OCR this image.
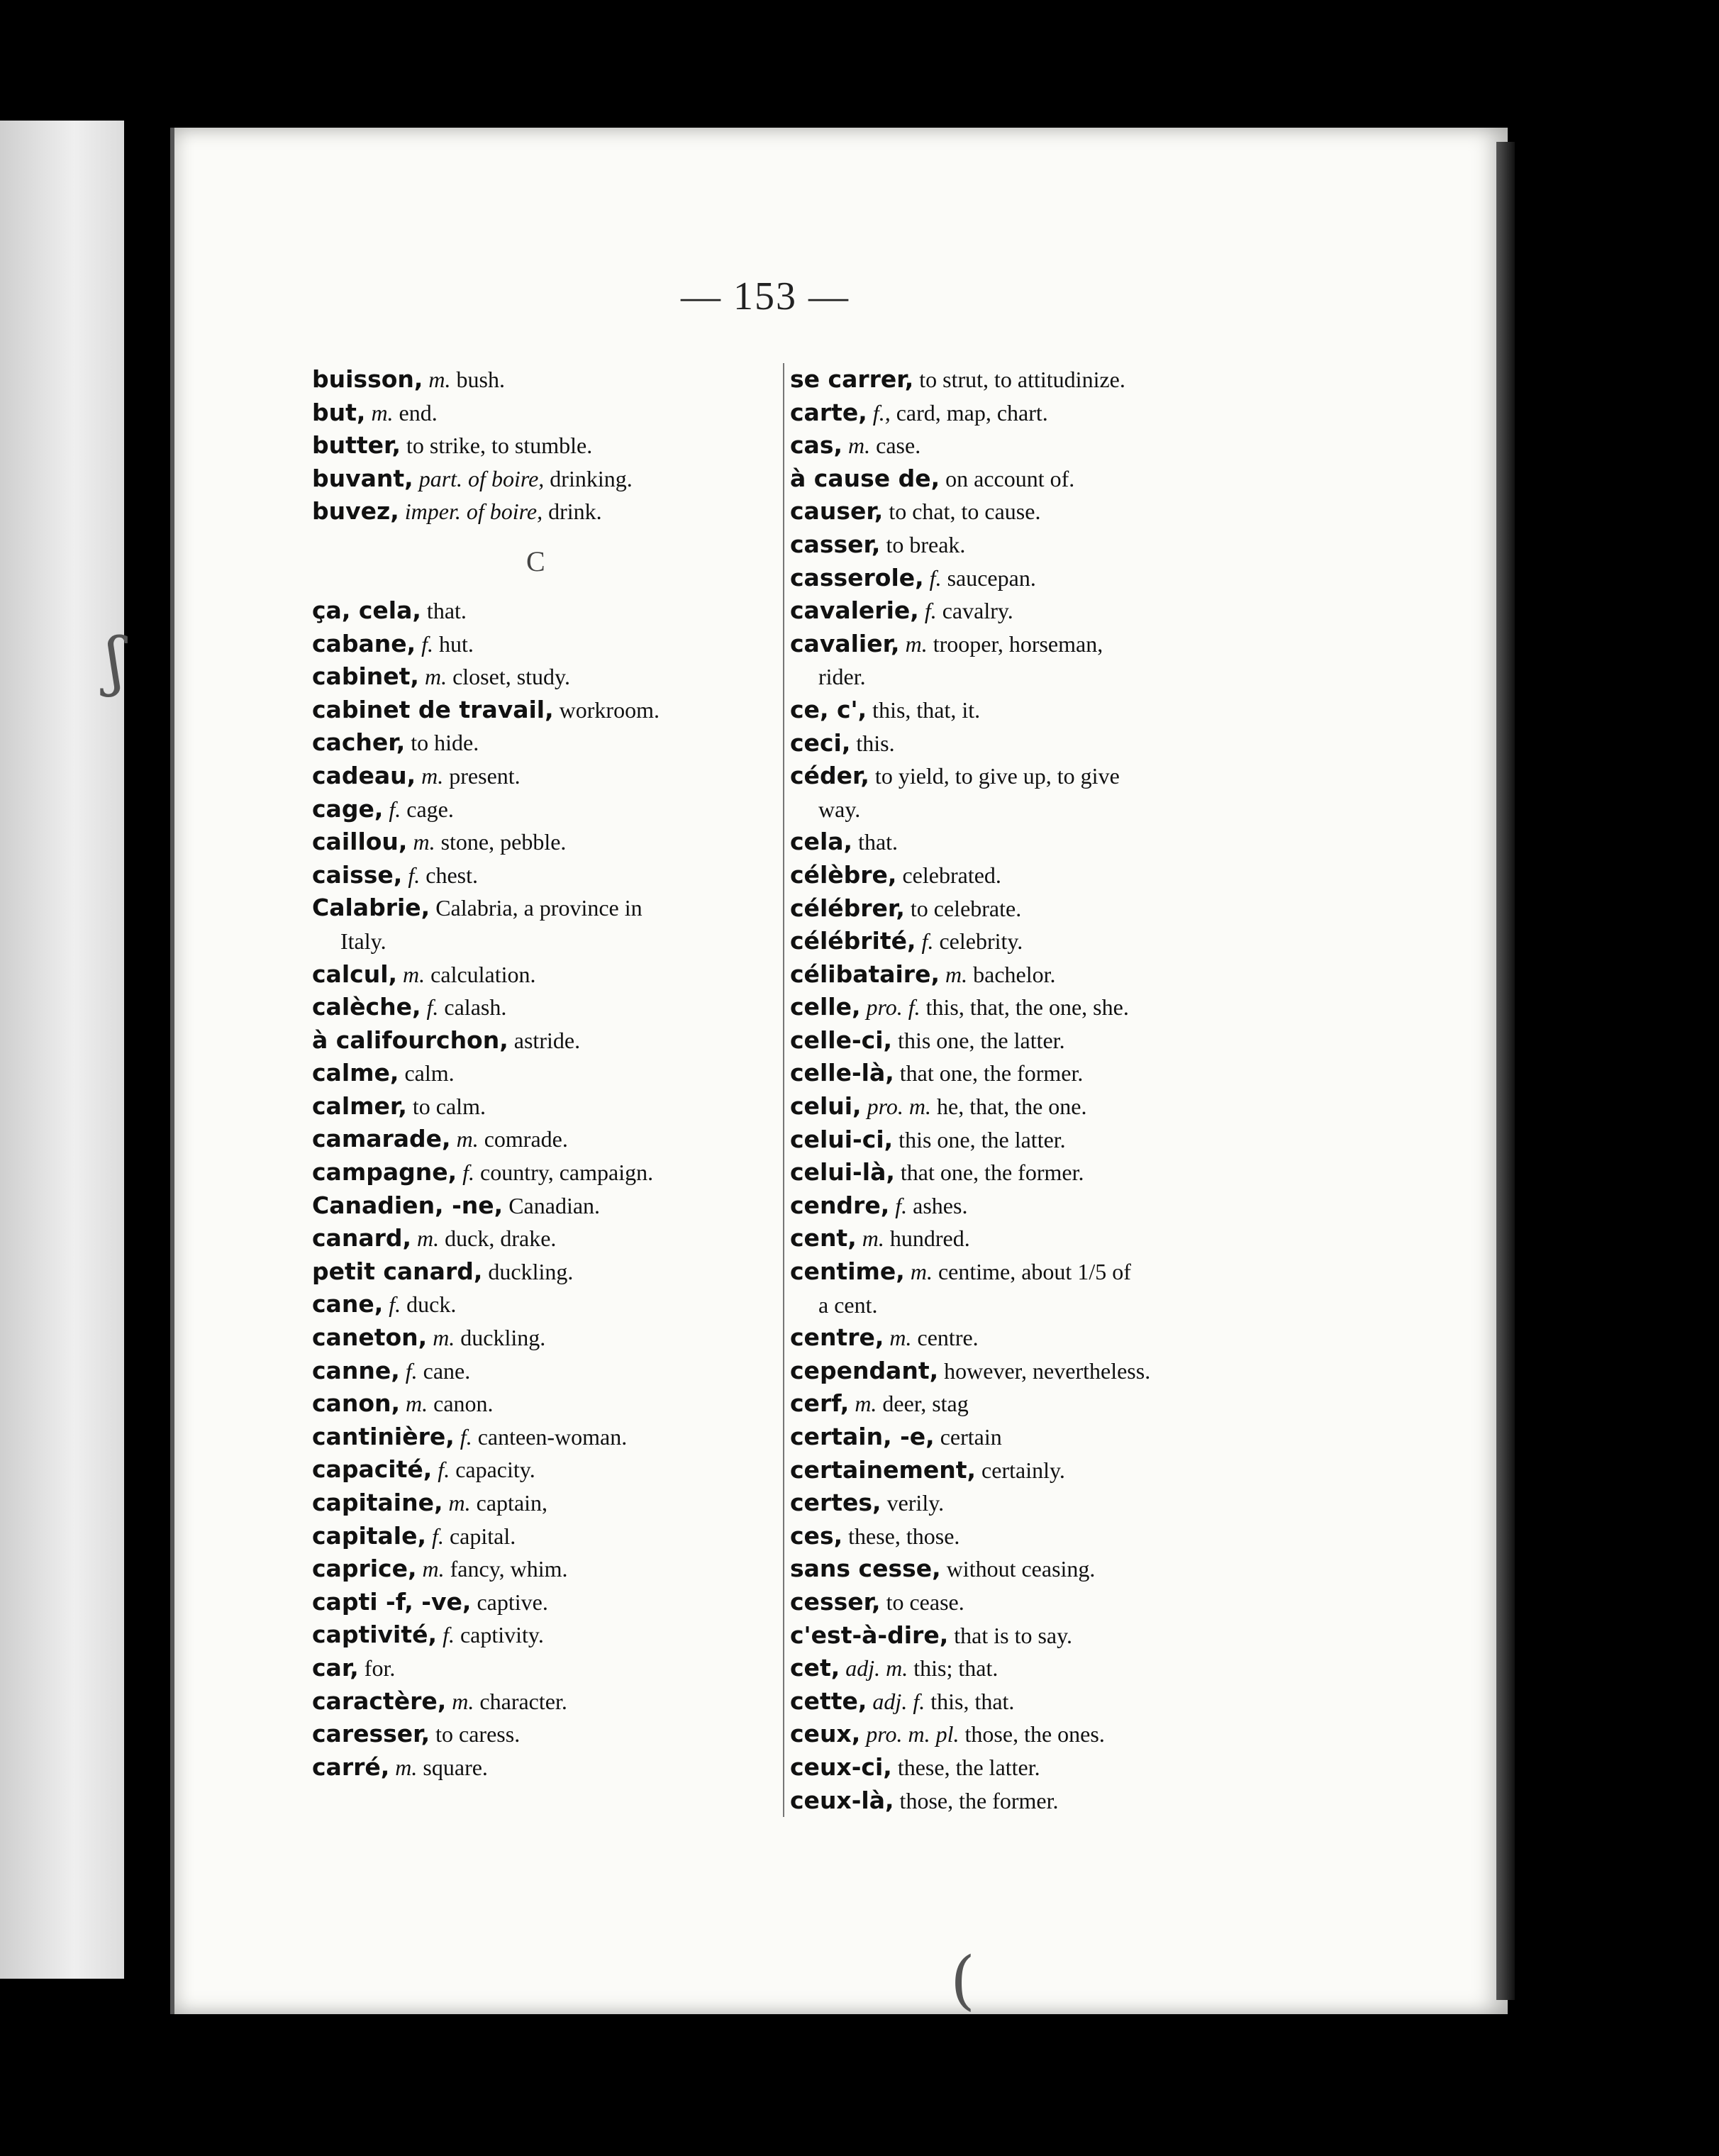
ʃ
(
— 153 —
buisson, m. bush.
but, m. end.
butter, to strike, to stumble.
buvant, part. of boire, drinking.
buvez, imper. of boire, drink.
C
ça, cela, that.
cabane, f. hut.
cabinet, m. closet, study.
cabinet de travail, workroom.
cacher, to hide.
cadeau, m. present.
cage, f. cage.
caillou, m. stone, pebble.
caisse, f. chest.
Calabrie, Calabria, a province in
Italy.
calcul, m. calculation.
calèche, f. calash.
à califourchon, astride.
calme, calm.
calmer, to calm.
camarade, m. comrade.
campagne, f. country, campaign.
Canadien, -ne, Canadian.
canard, m. duck, drake.
petit canard, duckling.
cane, f. duck.
caneton, m. duckling.
canne, f. cane.
canon, m. canon.
cantinière, f. canteen-woman.
capacité, f. capacity.
capitaine, m. captain,
capitale, f. capital.
caprice, m. fancy, whim.
capti -f, -ve, captive.
captivité, f. captivity.
car, for.
caractère, m. character.
caresser, to caress.
carré, m. square.
se carrer, to strut, to attitudinize.
carte, f., card, map, chart.
cas, m. case.
à cause de, on account of.
causer, to chat, to cause.
casser, to break.
casserole, f. saucepan.
cavalerie, f. cavalry.
cavalier, m. trooper, horseman,
rider.
ce, c', this, that, it.
ceci, this.
céder, to yield, to give up, to give
way.
cela, that.
célèbre, celebrated.
célébrer, to celebrate.
célébrité, f. celebrity.
célibataire, m. bachelor.
celle, pro. f. this, that, the one, she.
celle-ci, this one, the latter.
celle-là, that one, the former.
celui, pro. m. he, that, the one.
celui-ci, this one, the latter.
celui-là, that one, the former.
cendre, f. ashes.
cent, m. hundred.
centime, m. centime, about 1/5 of
a cent.
centre, m. centre.
cependant, however, nevertheless.
cerf, m. deer, stag
certain, -e, certain
certainement, certainly.
certes, verily.
ces, these, those.
sans cesse, without ceasing.
cesser, to cease.
c'est-à-dire, that is to say.
cet, adj. m. this; that.
cette, adj. f. this, that.
ceux, pro. m. pl. those, the ones.
ceux-ci, these, the latter.
ceux-là, those, the former.
